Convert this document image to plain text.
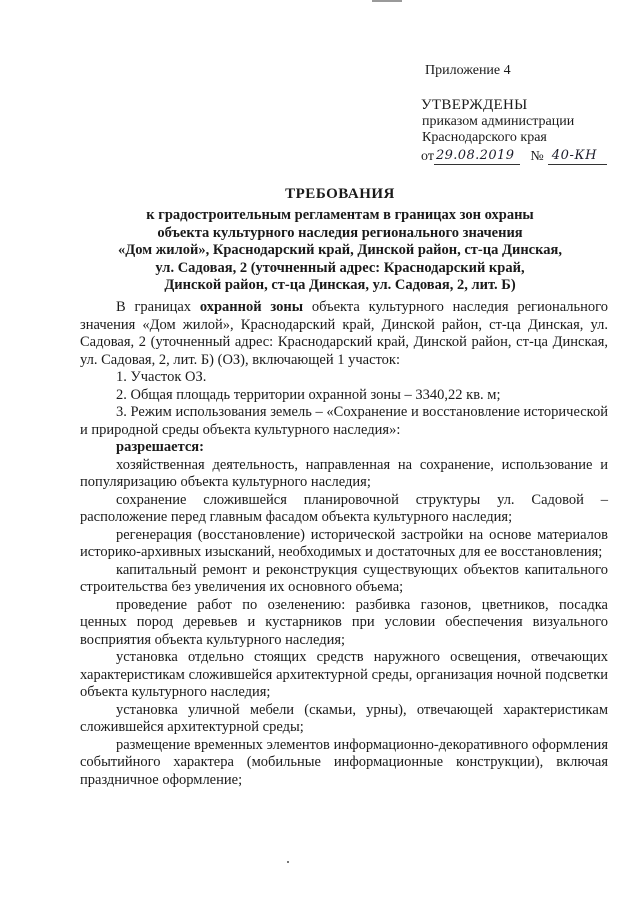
Приложение 4
УТВЕРЖДЕНЫ
приказом администрации
Краснодарского края
от 29.08.2019	№ 40-КН
ТРЕБОВАНИЯ
к градостроительным регламентам в границах зон охраны
объекта культурного наследия регионального значения
«Дом жилой», Краснодарский край, Динской район, ст-ца Динская,
ул. Садовая, 2 (уточненный адрес: Краснодарский край,
Динской район, ст-ца Динская, ул. Садовая, 2, лит. Б)

В границах охранной зоны объекта культурного наследия регионального значения «Дом жилой», Краснодарский край, Динской район, ст-ца Динская, ул. Садовая, 2 (уточненный адрес: Краснодарский край, Динской район, ст-ца Динская, ул. Садовая, 2, лит. Б) (ОЗ), включающей 1 участок:

1. Участок ОЗ.

2. Общая площадь территории охранной зоны – 3340,22 кв. м;

3. Режим использования земель – «Сохранение и восстановление исторической и природной среды объекта культурного наследия»:

разрешается:

хозяйственная деятельность, направленная на сохранение, использование и популяризацию объекта культурного наследия;

сохранение сложившейся планировочной структуры ул. Садовой – расположение перед главным фасадом объекта культурного наследия;

регенерация (восстановление) исторической застройки на основе материалов историко-архивных изысканий, необходимых и достаточных для ее восстановления;

капитальный ремонт и реконструкция существующих объектов капитального строительства без увеличения их основного объема;

проведение работ по озеленению: разбивка газонов, цветников, посадка ценных пород деревьев и кустарников при условии обеспечения визуального восприятия объекта культурного наследия;

установка отдельно стоящих средств наружного освещения, отвечающих характеристикам сложившейся архитектурной среды, организация ночной подсветки объекта культурного наследия;

установка уличной мебели (скамьи, урны), отвечающей характеристикам сложившейся архитектурной среды;

размещение временных элементов информационно-декоративного оформления событийного характера (мобильные информационные конструкции), включая праздничное оформление;
